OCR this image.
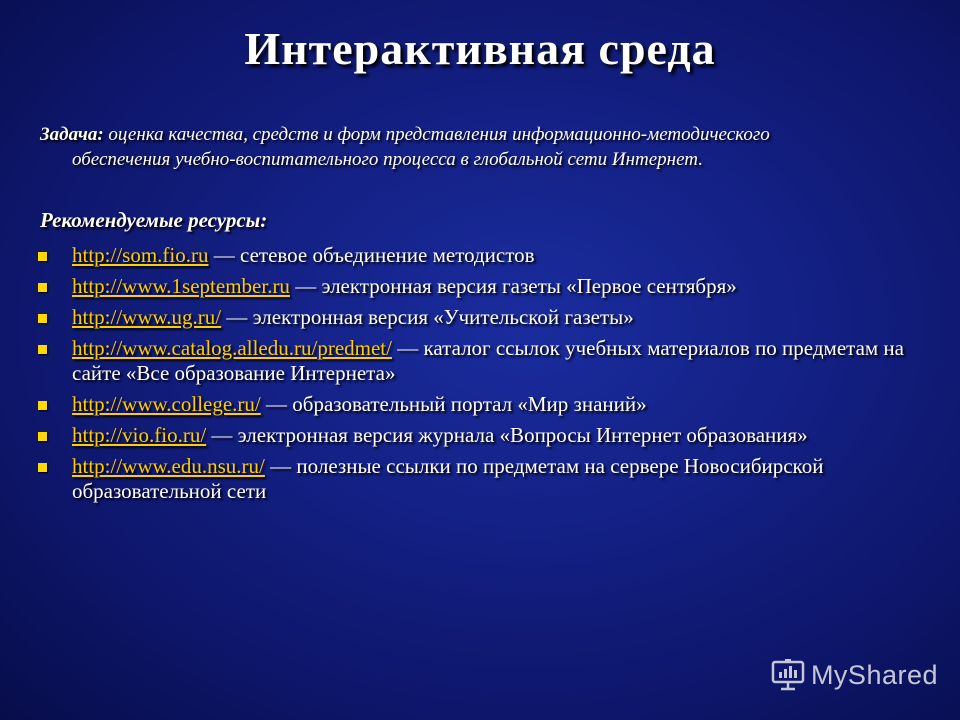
Интерактивная среда
Задача: оценка качества, средств и форм представления информационно-методического
обеспечения учебно-воспитательного процесса в глобальной сети Интернет.
Рекомендуемые ресурсы:
http://som.fio.ru — сетевое объединение методистов
http://www.1september.ru — электронная версия газеты «Первое сентября»
http://www.ug.ru/ — электронная версия «Учительской газеты»
http://www.catalog.alledu.ru/predmet/ — каталог ссылок учебных материалов по предметам на сайте «Все образование Интернета»
http://www.college.ru/ — образовательный портал «Мир знаний»
http://vio.fio.ru/ — электронная версия журнала «Вопросы Интернет образования»
http://www.edu.nsu.ru/ — полезные ссылки по предметам на сервере Новосибирской образовательной сети
MyShared
